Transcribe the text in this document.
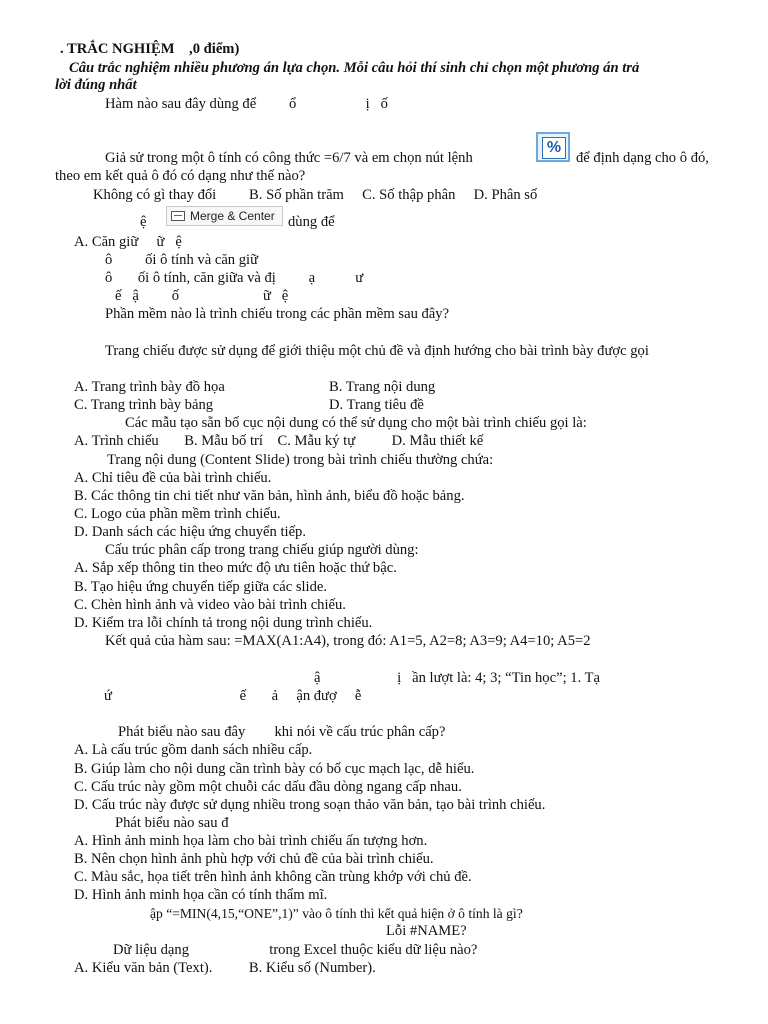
. TRẮC NGHIỆM    ,0 điểm)
Câu trắc nghiệm nhiều phương án lựa chọn. Mỗi câu hỏi thí sinh chỉ chọn một phương án trả
lời đúng nhất
Hàm nào sau đây dùng để         ổ                   ị   ố
Giả sử trong một ô tính có công thức =6/7 và em chọn nút lệnh
%
để định dạng cho ô đó,
theo em kết quả ô đó có dạng như thế nào?
Không có gì thay đổi         B. Số phần trăm     C. Số thập phân     D. Phân số
ệ	Merge & Center dùng để
A. Căn giữ     ữ   ệ
ô         ối ô tính và căn giữ
ô       ối ô tính, căn giữa và đị         ạ           ư
ế   ậ         ố                       ữ   ệ
Phần mềm nào là trình chiếu trong các phần mềm sau đây?
Trang chiếu được sử dụng để giới thiệu một chủ đề và định hướng cho bài trình bày được gọi
A. Trang trình bày đồ họa	B. Trang nội dung
C. Trang trình bày bảng	D. Trang tiêu đề
Các mẫu tạo sẵn bố cục nội dung có thể sử dụng cho một bài trình chiếu gọi là:
A. Trình chiếu       B. Mẫu bố trí    C. Mẫu ký tự          D. Mẫu thiết kế
Trang nội dung (Content Slide) trong bài trình chiếu thường chứa:
A. Chỉ tiêu đề của bài trình chiếu.
B. Các thông tin chi tiết như văn bản, hình ảnh, biểu đồ hoặc bảng.
C. Logo của phần mềm trình chiếu.
D. Danh sách các hiệu ứng chuyển tiếp.
Cấu trúc phân cấp trong trang chiếu giúp người dùng:
A. Sắp xếp thông tin theo mức độ ưu tiên hoặc thứ bậc.
B. Tạo hiệu ứng chuyển tiếp giữa các slide.
C. Chèn hình ảnh và video vào bài trình chiếu.
D. Kiểm tra lỗi chính tả trong nội dung trình chiếu.
Kết quả của hàm sau: =MAX(A1:A4), trong đó: A1=5, A2=8; A3=9; A4=10; A5=2
ậ                     ị   ần lượt là: 4; 3; “Tin học”; 1. Tạ
ứ                                   ế       ả     ận đượ     ễ
Phát biểu nào sau đây        khi nói về cấu trúc phân cấp?
A. Là cấu trúc gồm danh sách nhiều cấp.
B. Giúp làm cho nội dung cần trình bày có bố cục mạch lạc, dễ hiểu.
C. Cấu trúc này gồm một chuỗi các dấu đầu dòng ngang cấp nhau.
D. Cấu trúc này được sử dụng nhiều trong soạn thảo văn bản, tạo bài trình chiếu.
Phát biểu nào sau đ
A. Hình ảnh minh họa làm cho bài trình chiếu ấn tượng hơn.
B. Nên chọn hình ảnh phù hợp với chủ đề của bài trình chiếu.
C. Màu sắc, họa tiết trên hình ảnh không cần trùng khớp với chủ đề.
D. Hình ảnh minh họa cần có tính thẩm mĩ.
ập “=MIN(4,15,“ONE”,1)” vào ô tính thì kết quả hiện ở ô tính là gì?
Lỗi #NAME?
Dữ liệu dạng                      trong Excel thuộc kiểu dữ liệu nào?
A. Kiểu văn bản (Text).          B. Kiểu số (Number).
